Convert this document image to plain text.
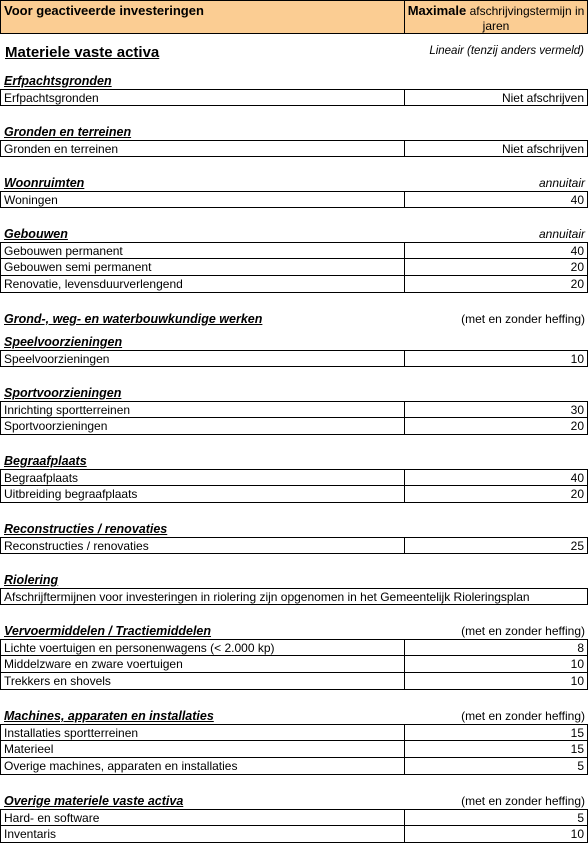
Voor geactiveerde investeringen	Maximale afschrijvingstermijn in jaren
Materiele vaste activa	Lineair (tenzij anders vermeld)
Erfpachtsgronden
Erfpachtsgronden	Niet afschrijven
Gronden en terreinen
Gronden en terreinen	Niet afschrijven
Woonruimten	annuitair
Woningen	40
Gebouwen	annuitair
Gebouwen permanent	40
Gebouwen semi permanent	20
Renovatie, levensduurverlengend	20
Grond-, weg- en waterbouwkundige werken	(met en zonder heffing)
Speelvoorzieningen
Speelvoorzieningen	10
Sportvoorzieningen
Inrichting sportterreinen	30
Sportvoorzieningen	20
Begraafplaats
Begraafplaats	40
Uitbreiding begraafplaats	20
Reconstructies / renovaties
Reconstructies / renovaties	25
Riolering
Afschrijftermijnen voor investeringen in riolering zijn opgenomen in het Gemeentelijk Rioleringsplan
Vervoermiddelen / Tractiemiddelen	(met en zonder heffing)
Lichte voertuigen en personenwagens (< 2.000 kp)	8
Middelzware en zware voertuigen	10
Trekkers en shovels	10
Machines, apparaten en installaties	(met en zonder heffing)
Installaties sportterreinen	15
Materieel	15
Overige machines, apparaten en installaties	5
Overige materiele vaste activa	(met en zonder heffing)
Hard- en software	5
Inventaris	10
